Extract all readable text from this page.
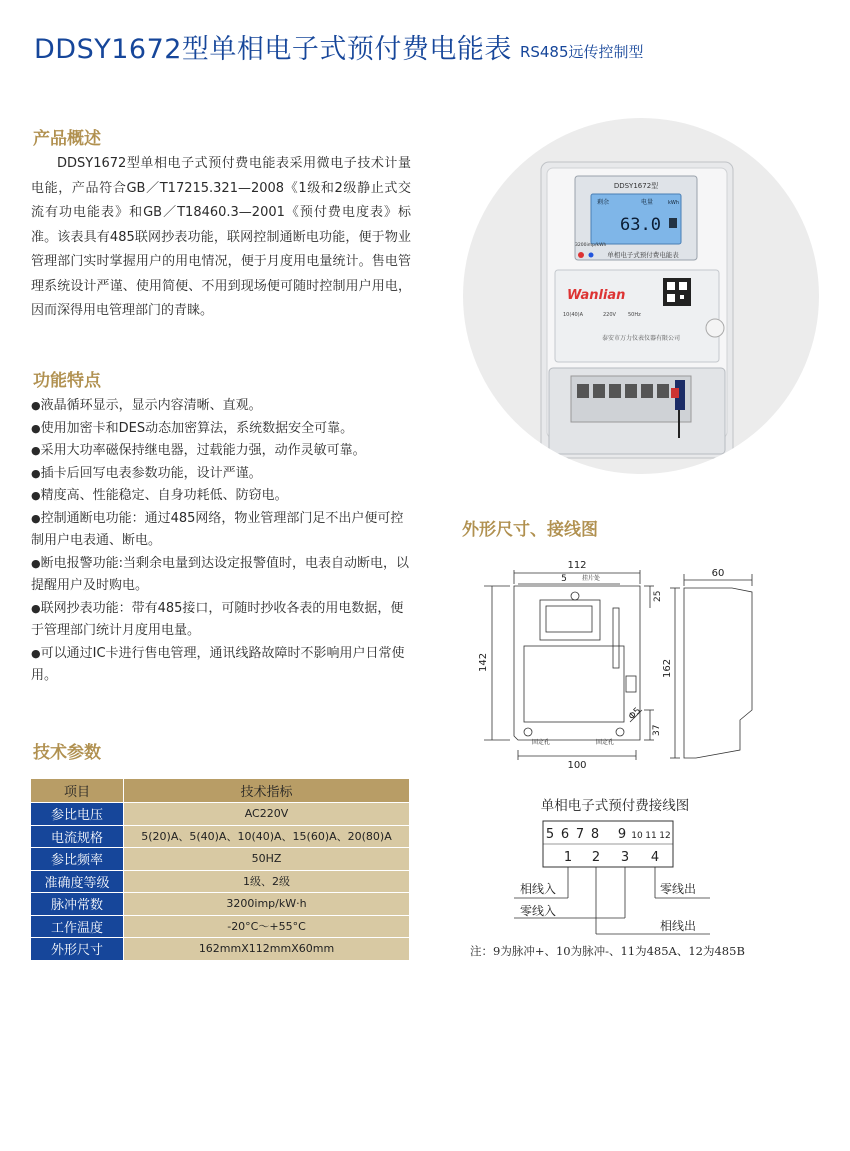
DDSY1672型单相电子式预付费电能表 RS485远传控制型
产品概述
DDSY1672型单相电子式预付费电能表采用微电子技术计量电能，产品符合GB／T17215.321—2008《1级和2级静止式交流有功电能表》和GB／T18460.3—2001《预付费电度表》标准。该表具有485联网抄表功能，联网控制通断电功能，便于物业管理部门实时掌握用户的用电情况，便于月度用电量统计。售电管理系统设计严谨、使用简便、不用到现场便可随时控制用户用电，因而深得用电管理部门的青睐。
功能特点
●液晶循环显示，显示内容清晰、直观。
●使用加密卡和DES动态加密算法，系统数据安全可靠。
●采用大功率磁保持继电器，过载能力强，动作灵敏可靠。
●插卡后回写电表参数功能，设计严谨。
●精度高、性能稳定、自身功耗低、防窃电。
●控制通断电功能：通过485网络，物业管理部门足不出户便可控制用户电表通、断电。
●断电报警功能:当剩余电量到达设定报警值时，电表自动断电，以提醒用户及时购电。
●联网抄表功能：带有485接口，可随时抄收各表的用电数据，便于管理部门统计月度用电量。
●可以通过IC卡进行售电管理，通讯线路故障时不影响用户日常使用。
技术参数
项目	技术指标
参比电压	AC220V
电流规格	5(20)A、5(40)A、10(40)A、15(60)A、20(80)A
参比频率	50HZ
准确度等级	1级、2级
脉冲常数	3200imp/kW·h
工作温度	-20°C～+55°C
外形尺寸	162mmX112mmX60mm
DDSY1672型
剩余	电量	kWh
63.0
3200imp/kWh
单相电子式预付费电能表
Wanlian
10(40)A	220V 50Hz
泰安市万力仪表仪器有限公司
外形尺寸、接线图
112
5	挂片处
25
142
Φ5
37
100
固定孔	固定孔
60
162
单相电子式预付费接线图
5 6 7 8 9 10 11 12
1 2 3 4
相线入
零线入
零线出
相线出
注：9为脉冲+、10为脉冲-、11为485A、12为485B
